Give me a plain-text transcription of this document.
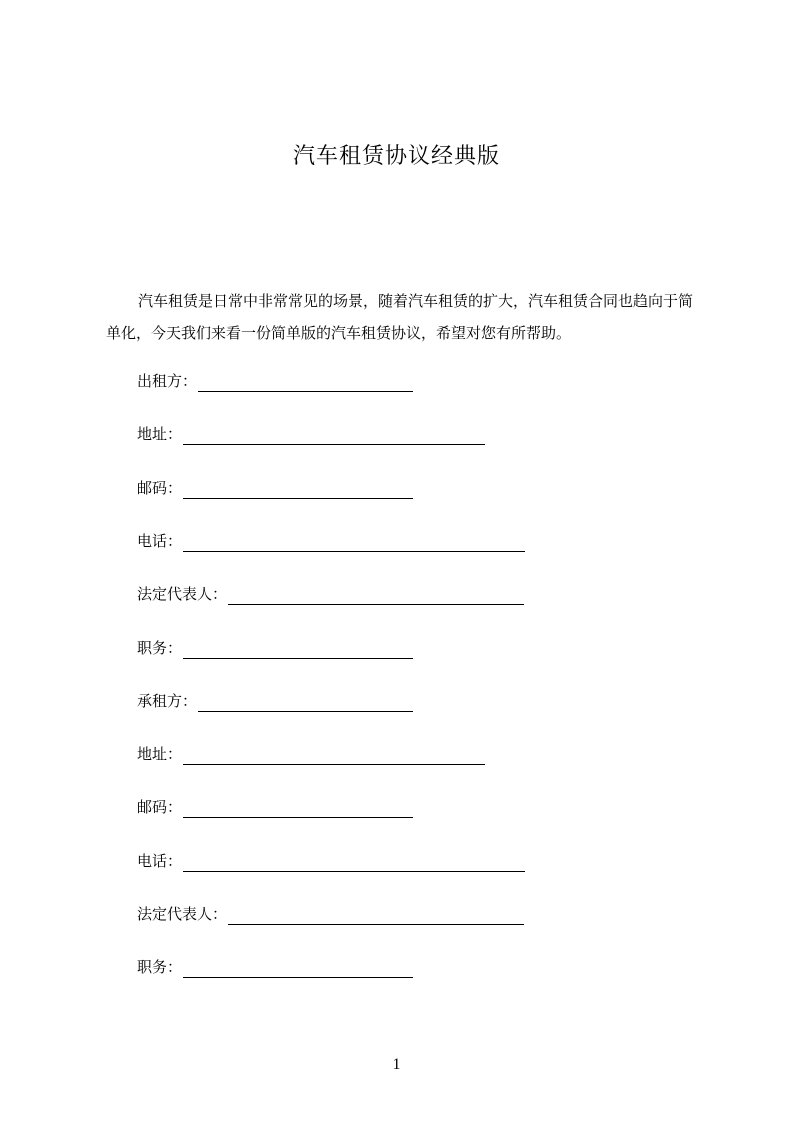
汽车租赁协议经典版

汽车租赁是日常中非常常见的场景，随着汽车租赁的扩大，汽车租赁合同也趋向于简单化，今天我们来看一份简单版的汽车租赁协议，希望对您有所帮助。

出租方：
地址：
邮码：
电话：
法定代表人：
职务：
承租方：
地址：
邮码：
电话：
法定代表人：
职务：
1
